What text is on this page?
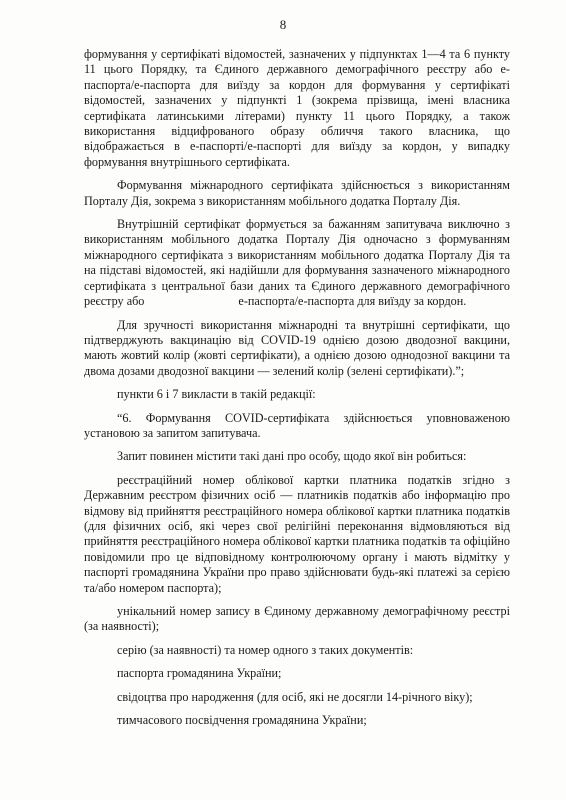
8

формування у сертифікаті відомостей, зазначених у підпунктах 1—4 та 6 пункту 11 цього Порядку, та Єдиного державного демографічного реєстру або е-паспорта/е-паспорта для виїзду за кордон для формування у сертифікаті відомостей, зазначених у підпункті 1 (зокрема прізвища, імені власника сертифіката латинськими літерами) пункту 11 цього Порядку, а також використання відцифрованого образу обличчя такого власника, що відображається в е-паспорті/е-паспорті для виїзду за кордон, у випадку формування внутрішнього сертифіката.

Формування міжнародного сертифіката здійснюється з використанням Порталу Дія, зокрема з використанням мобільного додатка Порталу Дія.

Внутрішній сертифікат формується за бажанням запитувача виключно з використанням мобільного додатка Порталу Дія одночасно з формуванням міжнародного сертифіката з використанням мобільного додатка Порталу Дія та на підставі відомостей, які надійшли для формування зазначеного міжнародного сертифіката з центральної бази даних та Єдиного державного демографічного реєстру або	е-паспорта/е-паспорта для виїзду за кордон.

Для зручності використання міжнародні та внутрішні сертифікати, що підтверджують вакцинацію від COVID-19 однією дозою дводозної вакцини, мають жовтий колір (жовті сертифікати), а однією дозою однодозної вакцини та двома дозами дводозної вакцини — зелений колір (зелені сертифікати).”;

пункти 6 і 7 викласти в такій редакції:

“6. Формування COVID-сертифіката здійснюється уповноваженою установою за запитом запитувача.

Запит повинен містити такі дані про особу, щодо якої він робиться:

реєстраційний номер облікової картки платника податків згідно з Державним реєстром фізичних осіб — платників податків або інформацію про відмову від прийняття реєстраційного номера облікової картки платника податків (для фізичних осіб, які через свої релігійні переконання відмовляються від прийняття реєстраційного номера облікової картки платника податків та офіційно повідомили про це відповідному контролюючому органу і мають відмітку у паспорті громадянина України про право здійснювати будь-які платежі за серією та/або номером паспорта);

унікальний номер запису в Єдиному державному демографічному реєстрі (за наявності);

серію (за наявності) та номер одного з таких документів:

паспорта громадянина України;

свідоцтва про народження (для осіб, які не досягли 14-річного віку);

тимчасового посвідчення громадянина України;
